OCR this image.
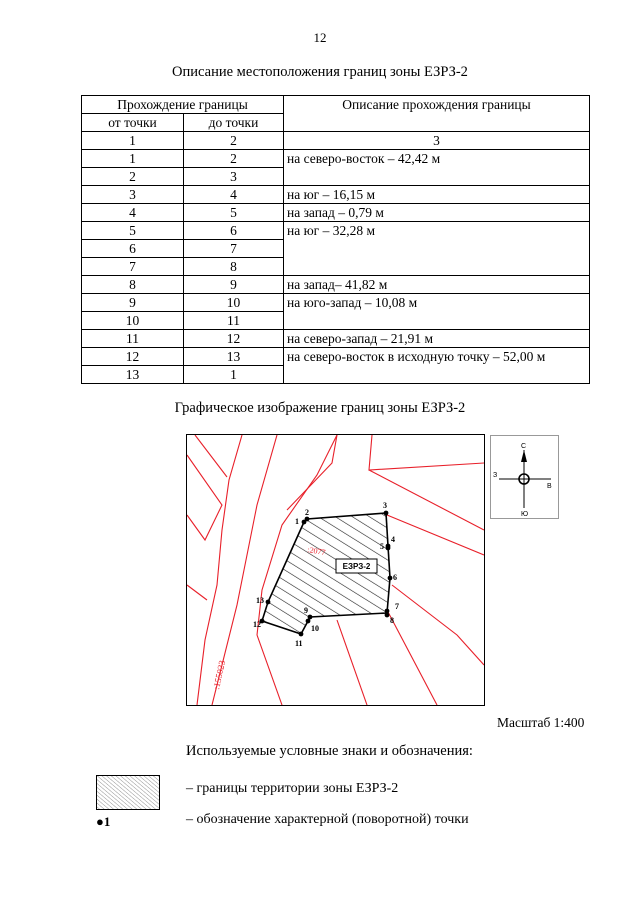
12
Описание местоположения границ зоны ЕЗРЗ-2
Прохождение границы		Описание прохождения границы
от точки	до точки	
1	2	3
1	2	на северо-восток – 42,42 м
2	3	
3	4	на юг – 16,15 м
4	5	на запад – 0,79 м
5	6	на юг – 32,28 м
6	7	
7	8	
8	9	на запад– 41,82 м
9	10	на юго-запад – 10,08 м
10	11	
11	12	на северо-запад – 21,91 м
12	13	на северо-восток в исходную точку – 52,00 м
13	1	
Графическое изображение границ зоны ЕЗРЗ-2
1
2
3
4
5
6
7
8
9
10
11
12
13
:2077
:155023
ЕЗРЗ-2
С
Ю
З
В
Масштаб 1:400
Используемые условные знаки и обозначения:
– границы территории зоны ЕЗРЗ-2
●1	– обозначение характерной (поворотной) точки
